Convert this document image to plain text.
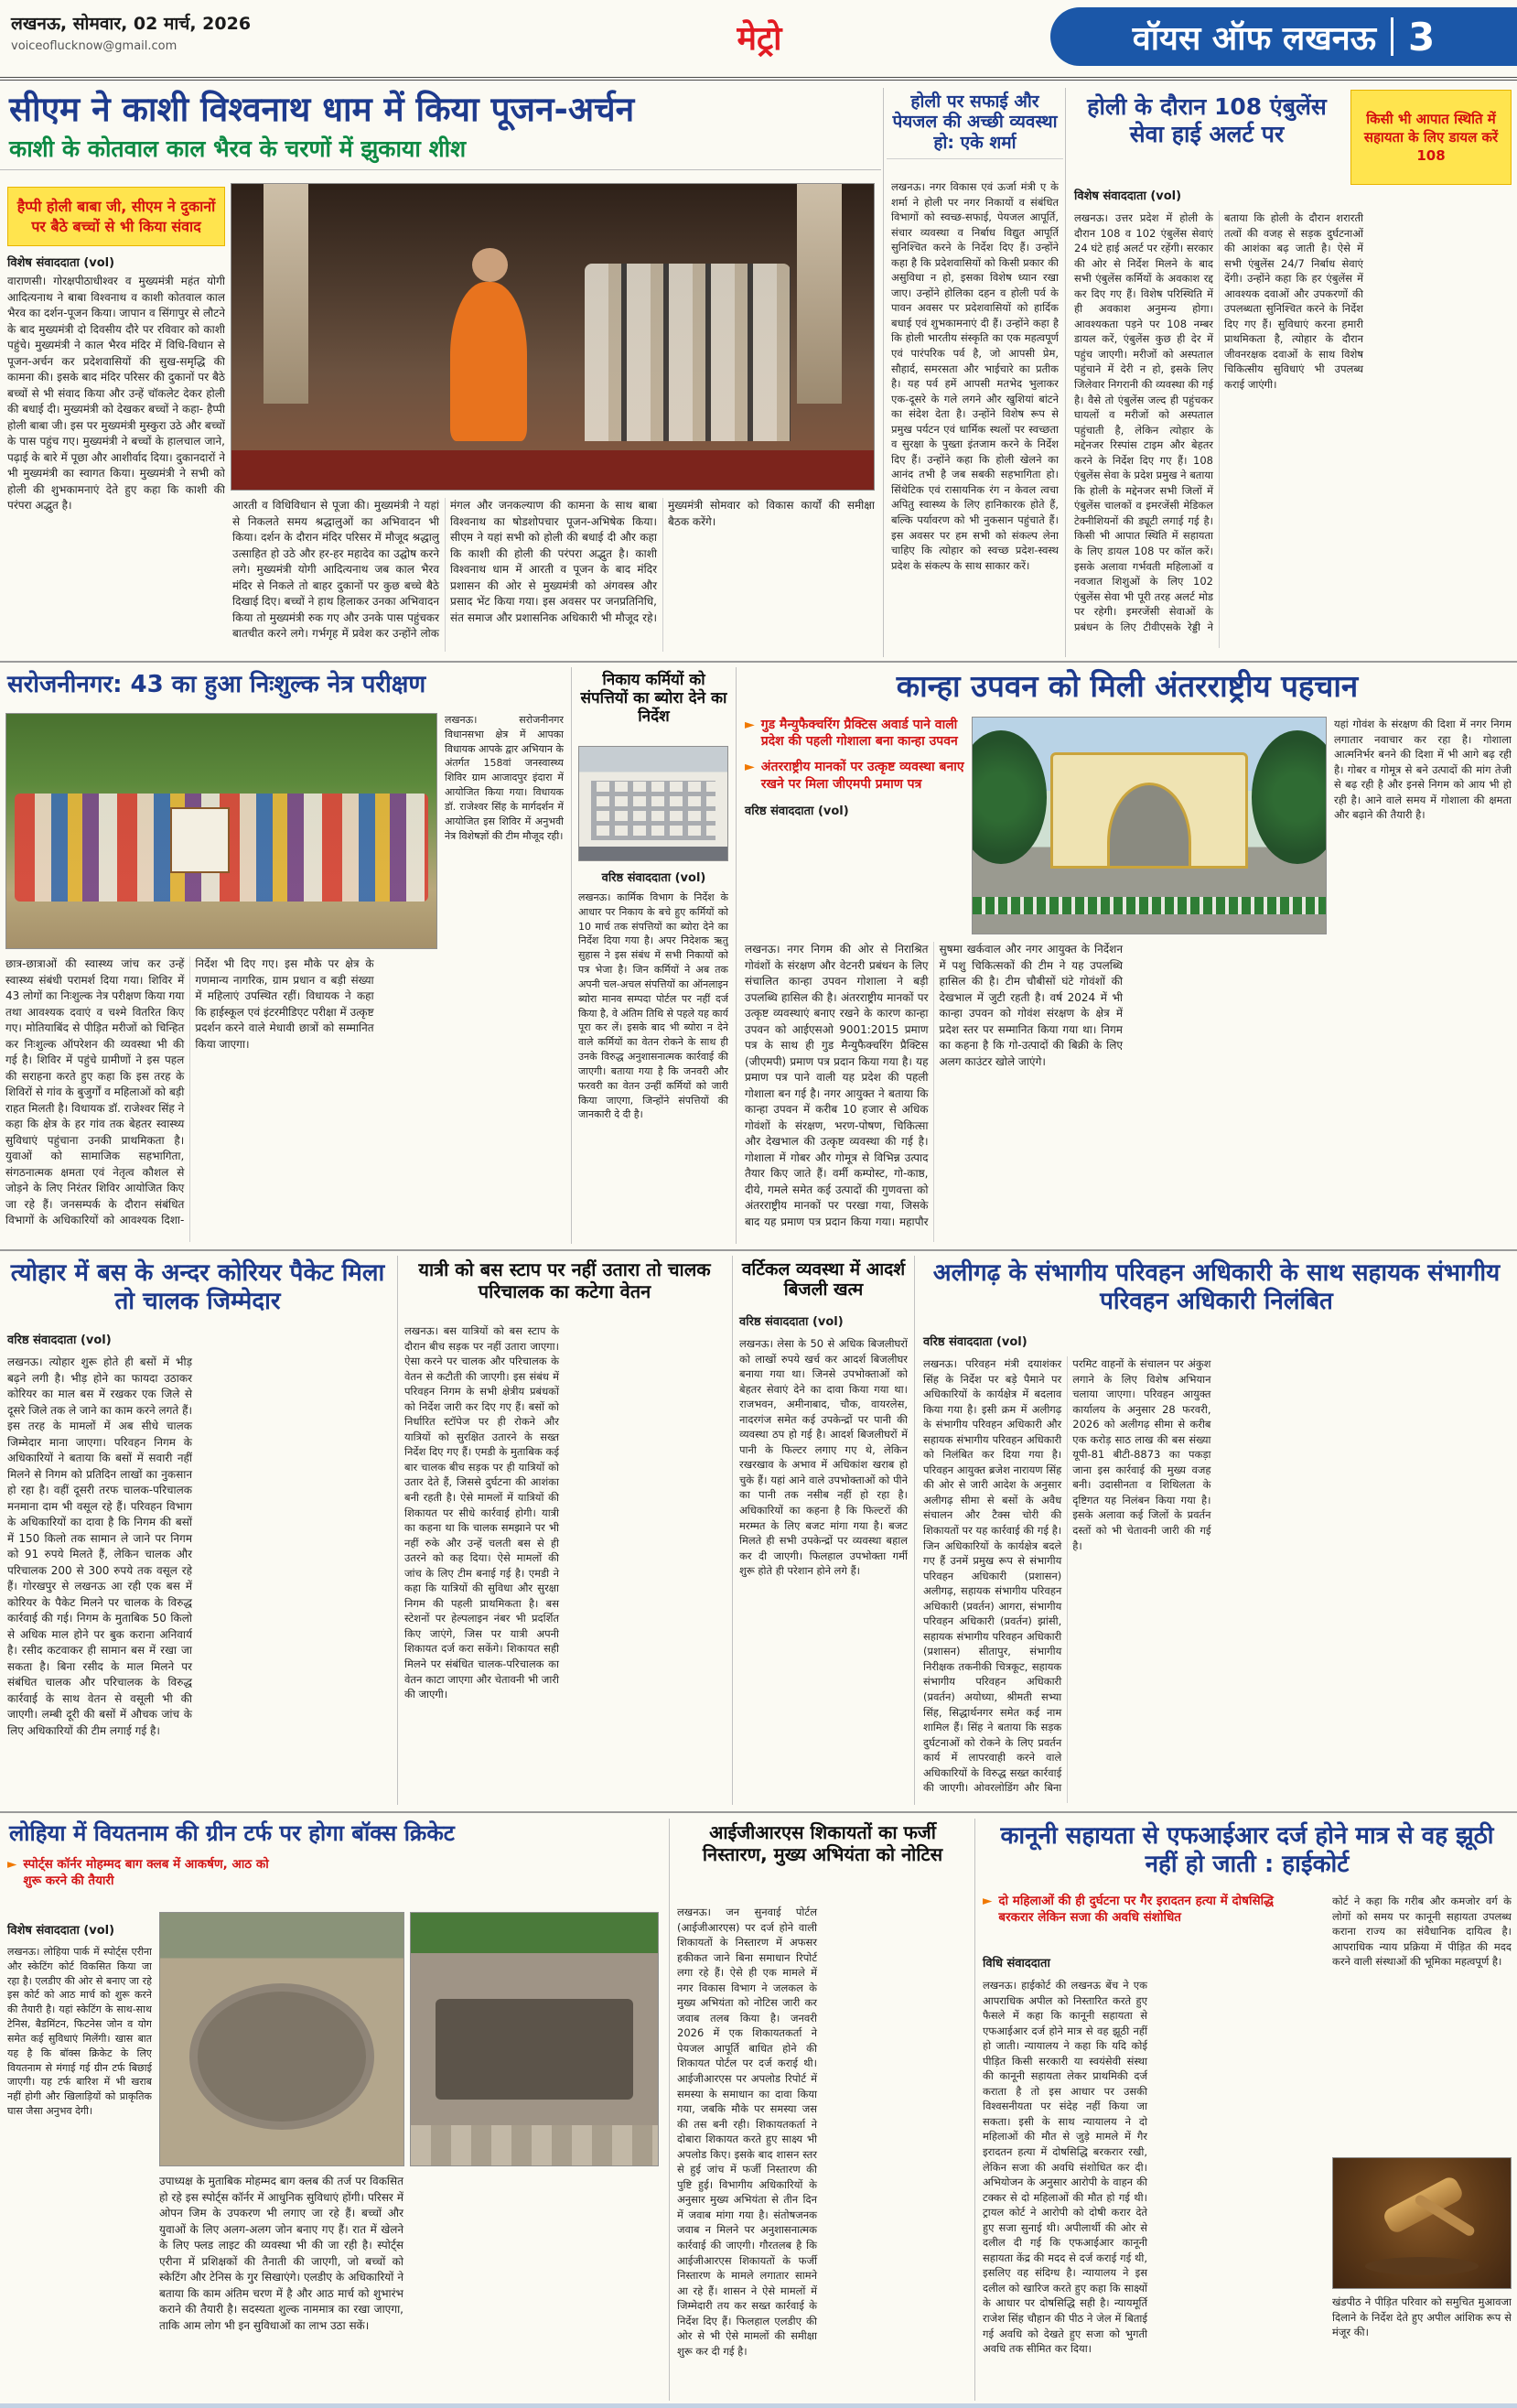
लखनऊ, सोमवार, 02 मार्च, 2026
voiceoflucknow@gmail.com	मेट्रो	वॉयस ऑफ लखनऊ 3
सीएम ने काशी विश्वनाथ धाम में किया पूजन-अर्चन
काशी के कोतवाल काल भैरव के चरणों में झुकाया शीश
हैप्पी होली बाबा जी, सीएम ने दुकानों पर बैठे बच्चों से भी किया संवाद
विशेष संवाददाता (vol)
वाराणसी। गोरक्षपीठाधीश्वर व मुख्यमंत्री महंत योगी आदित्यनाथ ने बाबा विश्वनाथ व काशी कोतवाल काल भैरव का दर्शन-पूजन किया। जापान व सिंगापुर से लौटने के बाद मुख्यमंत्री दो दिवसीय दौरे पर रविवार को काशी पहुंचे। मुख्यमंत्री ने काल भैरव मंदिर में विधि-विधान से पूजन-अर्चन कर प्रदेशवासियों की सुख-समृद्धि की कामना की। इसके बाद मंदिर परिसर की दुकानों पर बैठे बच्चों से भी संवाद किया और उन्हें चॉकलेट देकर होली की बधाई दी। मुख्यमंत्री को देखकर बच्चों ने कहा- हैप्पी होली बाबा जी। इस पर मुख्यमंत्री मुस्कुरा उठे और बच्चों के पास पहुंच गए। मुख्यमंत्री ने बच्चों के हालचाल जाने, पढ़ाई के बारे में पूछा और आशीर्वाद दिया। दुकानदारों ने भी मुख्यमंत्री का स्वागत किया। मुख्यमंत्री ने सभी को होली की शुभकामनाएं देते हुए कहा कि काशी की परंपरा अद्भुत है।	आरती व विधिविधान से पूजा की। मुख्यमंत्री ने यहां से निकलते समय श्रद्धालुओं का अभिवादन भी किया। दर्शन के दौरान मंदिर परिसर में मौजूद श्रद्धालु उत्साहित हो उठे और हर-हर महादेव का उद्घोष करने लगे। मुख्यमंत्री योगी आदित्यनाथ जब काल भैरव मंदिर से निकले तो बाहर दुकानों पर कुछ बच्चे बैठे दिखाई दिए। बच्चों ने हाथ हिलाकर उनका अभिवादन किया तो मुख्यमंत्री रुक गए और उनके पास पहुंचकर बातचीत करने लगे। गर्भगृह में प्रवेश कर उन्होंने लोक मंगल और जनकल्याण की कामना के साथ बाबा विश्वनाथ का षोडशोपचार पूजन-अभिषेक किया। सीएम ने यहां सभी को होली की बधाई दी और कहा कि काशी की होली की परंपरा अद्भुत है। काशी विश्वनाथ धाम में आरती व पूजन के बाद मंदिर प्रशासन की ओर से मुख्यमंत्री को अंगवस्त्र और प्रसाद भेंट किया गया। इस अवसर पर जनप्रतिनिधि, संत समाज और प्रशासनिक अधिकारी भी मौजूद रहे। मुख्यमंत्री सोमवार को विकास कार्यों की समीक्षा बैठक करेंगे।
होली पर सफाई और पेयजल की अच्छी व्यवस्था हो: एके शर्मा
लखनऊ। नगर विकास एवं ऊर्जा मंत्री ए के शर्मा ने होली पर नगर निकायों व संबंधित विभागों को स्वच्छ-सफाई, पेयजल आपूर्ति, संचार व्यवस्था व निर्बाध विद्युत आपूर्ति सुनिश्चित करने के निर्देश दिए हैं। उन्होंने कहा है कि प्रदेशवासियों को किसी प्रकार की असुविधा न हो, इसका विशेष ध्यान रखा जाए। उन्होंने होलिका दहन व होली पर्व के पावन अवसर पर प्रदेशवासियों को हार्दिक बधाई एवं शुभकामनाएं दी हैं। उन्होंने कहा है कि होली भारतीय संस्कृति का एक महत्वपूर्ण एवं पारंपरिक पर्व है, जो आपसी प्रेम, सौहार्द, समरसता और भाईचारे का प्रतीक है। यह पर्व हमें आपसी मतभेद भुलाकर एक-दूसरे के गले लगने और खुशियां बांटने का संदेश देता है। उन्होंने विशेष रूप से प्रमुख पर्यटन एवं धार्मिक स्थलों पर स्वच्छता व सुरक्षा के पुख्ता इंतजाम करने के निर्देश दिए हैं। उन्होंने कहा कि होली खेलने का आनंद तभी है जब सबकी सहभागिता हो। सिंथेटिक एवं रासायनिक रंग न केवल त्वचा अपितु स्वास्थ्य के लिए हानिकारक होते हैं, बल्कि पर्यावरण को भी नुकसान पहुंचाते हैं। इस अवसर पर हम सभी को संकल्प लेना चाहिए कि त्योहार को स्वच्छ प्रदेश-स्वस्थ प्रदेश के संकल्प के साथ साकार करें।
होली के दौरान 108 एंबुलेंस सेवा हाई अलर्ट पर
किसी भी आपात स्थिति में सहायता के लिए डायल करें 108
विशेष संवाददाता (vol)
लखनऊ। उत्तर प्रदेश में होली के दौरान 108 व 102 एंबुलेंस सेवाएं 24 घंटे हाई अलर्ट पर रहेंगी। सरकार की ओर से निर्देश मिलने के बाद सभी एंबुलेंस कर्मियों के अवकाश रद्द कर दिए गए हैं। विशेष परिस्थिति में ही अवकाश अनुमन्य होगा। आवश्यकता पड़ने पर 108 नम्बर डायल करें, एंबुलेंस कुछ ही देर में पहुंच जाएगी। मरीजों को अस्पताल पहुंचाने में देरी न हो, इसके लिए जिलेवार निगरानी की व्यवस्था की गई है। वैसे तो एंबुलेंस जल्द ही पहुंचकर घायलों व मरीजों को अस्पताल पहुंचाती है, लेकिन त्योहार के मद्देनजर रिस्पांस टाइम और बेहतर करने के निर्देश दिए गए हैं। 108 एंबुलेंस सेवा के प्रदेश प्रमुख ने बताया कि होली के मद्देनजर सभी जिलों में एंबुलेंस चालकों व इमरजेंसी मेडिकल टेक्नीशियनों की ड्यूटी लगाई गई है। किसी भी आपात स्थिति में सहायता के लिए डायल 108 पर कॉल करें। इसके अलावा गर्भवती महिलाओं व नवजात शिशुओं के लिए 102 एंबुलेंस सेवा भी पूरी तरह अलर्ट मोड पर रहेगी। इमरजेंसी सेवाओं के प्रबंधन के लिए टीवीएसके रेड्डी ने बताया कि होली के दौरान शरारती तत्वों की वजह से सड़क दुर्घटनाओं की आशंका बढ़ जाती है। ऐसे में सभी एंबुलेंस 24/7 निर्बाध सेवाएं देंगी। उन्होंने कहा कि हर एंबुलेंस में आवश्यक दवाओं और उपकरणों की उपलब्धता सुनिश्चित करने के निर्देश दिए गए हैं। सुविधाएं करना हमारी प्राथमिकता है, त्योहार के दौरान जीवनरक्षक दवाओं के साथ विशेष चिकित्सीय सुविधाएं भी उपलब्ध कराई जाएंगी।
सरोजनीनगर: 43 का हुआ निःशुल्क नेत्र परीक्षण
लखनऊ। सरोजनीनगर विधानसभा क्षेत्र में आपका विधायक आपके द्वार अभियान के अंतर्गत 158वां जनस्वास्थ्य शिविर ग्राम आजादपुर इंदारा में आयोजित किया गया। विधायक डॉ. राजेश्वर सिंह के मार्गदर्शन में आयोजित इस शिविर में अनुभवी नेत्र विशेषज्ञों की टीम मौजूद रही।
छात्र-छात्राओं की स्वास्थ्य जांच कर उन्हें स्वास्थ्य संबंधी परामर्श दिया गया। शिविर में 43 लोगों का निःशुल्क नेत्र परीक्षण किया गया तथा आवश्यक दवाएं व चश्मे वितरित किए गए। मोतियाबिंद से पीड़ित मरीजों को चिन्हित कर निःशुल्क ऑपरेशन की व्यवस्था भी की गई है। शिविर में पहुंचे ग्रामीणों ने इस पहल की सराहना करते हुए कहा कि इस तरह के शिविरों से गांव के बुजुर्गों व महिलाओं को बड़ी राहत मिलती है। विधायक डॉ. राजेश्वर सिंह ने कहा कि क्षेत्र के हर गांव तक बेहतर स्वास्थ्य सुविधाएं पहुंचाना उनकी प्राथमिकता है। युवाओं को सामाजिक सहभागिता, संगठनात्मक क्षमता एवं नेतृत्व कौशल से जोड़ने के लिए निरंतर शिविर आयोजित किए जा रहे हैं। जनसम्पर्क के दौरान संबंधित विभागों के अधिकारियों को आवश्यक दिशा-निर्देश भी दिए गए। इस मौके पर क्षेत्र के गणमान्य नागरिक, ग्राम प्रधान व बड़ी संख्या में महिलाएं उपस्थित रहीं। विधायक ने कहा कि हाईस्कूल एवं इंटरमीडिएट परीक्षा में उत्कृष्ट प्रदर्शन करने वाले मेधावी छात्रों को सम्मानित किया जाएगा।
निकाय कर्मियों को संपत्तियों का ब्योरा देने का निर्देश
वरिष्ठ संवाददाता (vol)
लखनऊ। कार्मिक विभाग के निर्देश के आधार पर निकाय के बचे हुए कर्मियों को 10 मार्च तक संपत्तियों का ब्योरा देने का निर्देश दिया गया है। अपर निदेशक ऋतु सुहास ने इस संबंध में सभी निकायों को पत्र भेजा है। जिन कर्मियों ने अब तक अपनी चल-अचल संपत्तियों का ऑनलाइन ब्योरा मानव सम्पदा पोर्टल पर नहीं दर्ज किया है, वे अंतिम तिथि से पहले यह कार्य पूरा कर लें। इसके बाद भी ब्योरा न देने वाले कर्मियों का वेतन रोकने के साथ ही उनके विरुद्ध अनुशासनात्मक कार्रवाई की जाएगी। बताया गया है कि जनवरी और फरवरी का वेतन उन्हीं कर्मियों को जारी किया जाएगा, जिन्होंने संपत्तियों की जानकारी दे दी है।
कान्हा उपवन को मिली अंतरराष्ट्रीय पहचान
► गुड मैन्युफैक्चरिंग प्रैक्टिस अवार्ड पाने वाली प्रदेश की पहली गोशाला बना कान्हा उपवन
► अंतरराष्ट्रीय मानकों पर उत्कृष्ट व्यवस्था बनाए रखने पर मिला जीएमपी प्रमाण पत्र
वरिष्ठ संवाददाता (vol)
यहां गोवंश के संरक्षण की दिशा में नगर निगम लगातार नवाचार कर रहा है। गोशाला आत्मनिर्भर बनने की दिशा में भी आगे बढ़ रही है। गोबर व गोमूत्र से बने उत्पादों की मांग तेजी से बढ़ रही है और इनसे निगम को आय भी हो रही है। आने वाले समय में गोशाला की क्षमता और बढ़ाने की तैयारी है।
लखनऊ। नगर निगम की ओर से निराश्रित गोवंशों के संरक्षण और वेटनरी प्रबंधन के लिए संचालित कान्हा उपवन गोशाला ने बड़ी उपलब्धि हासिल की है। अंतरराष्ट्रीय मानकों पर उत्कृष्ट व्यवस्थाएं बनाए रखने के कारण कान्हा उपवन को आईएसओ 9001:2015 प्रमाण पत्र के साथ ही गुड मैन्युफैक्चरिंग प्रैक्टिस (जीएमपी) प्रमाण पत्र प्रदान किया गया है। यह प्रमाण पत्र पाने वाली यह प्रदेश की पहली गोशाला बन गई है। नगर आयुक्त ने बताया कि कान्हा उपवन में करीब 10 हजार से अधिक गोवंशों के संरक्षण, भरण-पोषण, चिकित्सा और देखभाल की उत्कृष्ट व्यवस्था की गई है। गोशाला में गोबर और गोमूत्र से विभिन्न उत्पाद तैयार किए जाते हैं। वर्मी कम्पोस्ट, गो-काष्ठ, दीये, गमले समेत कई उत्पादों की गुणवत्ता को अंतरराष्ट्रीय मानकों पर परखा गया, जिसके बाद यह प्रमाण पत्र प्रदान किया गया। महापौर सुषमा खर्कवाल और नगर आयुक्त के निर्देशन में पशु चिकित्सकों की टीम ने यह उपलब्धि हासिल की है। टीम चौबीसों घंटे गोवंशों की देखभाल में जुटी रहती है। वर्ष 2024 में भी कान्हा उपवन को गोवंश संरक्षण के क्षेत्र में प्रदेश स्तर पर सम्मानित किया गया था। निगम का कहना है कि गो-उत्पादों की बिक्री के लिए अलग काउंटर खोले जाएंगे।
त्योहार में बस के अन्दर कोरियर पैकेट मिला तो चालक जिम्मेदार
वरिष्ठ संवाददाता (vol)
लखनऊ। त्योहार शुरू होते ही बसों में भीड़ बढ़ने लगी है। भीड़ होने का फायदा उठाकर कोरियर का माल बस में रखकर एक जिले से दूसरे जिले तक ले जाने का काम करने लगते हैं। इस तरह के मामलों में अब सीधे चालक जिम्मेदार माना जाएगा। परिवहन निगम के अधिकारियों ने बताया कि बसों में सवारी नहीं मिलने से निगम को प्रतिदिन लाखों का नुकसान हो रहा है। वहीं दूसरी तरफ चालक-परिचालक मनमाना दाम भी वसूल रहे हैं। परिवहन विभाग के अधिकारियों का दावा है कि निगम की बसों में 150 किलो तक सामान ले जाने पर निगम को 91 रुपये मिलते हैं, लेकिन चालक और परिचालक 200 से 300 रुपये तक वसूल रहे हैं। गोरखपुर से लखनऊ आ रही एक बस में कोरियर के पैकेट मिलने पर चालक के विरुद्ध कार्रवाई की गई। निगम के मुताबिक 50 किलो से अधिक माल होने पर बुक कराना अनिवार्य है। रसीद कटवाकर ही सामान बस में रखा जा सकता है। बिना रसीद के माल मिलने पर संबंधित चालक और परिचालक के विरुद्ध कार्रवाई के साथ वेतन से वसूली भी की जाएगी। लम्बी दूरी की बसों में औचक जांच के लिए अधिकारियों की टीम लगाई गई है।
यात्री को बस स्टाप पर नहीं उतारा तो चालक परिचालक का कटेगा वेतन
लखनऊ। बस यात्रियों को बस स्टाप के दौरान बीच सड़क पर नहीं उतारा जाएगा। ऐसा करने पर चालक और परिचालक के वेतन से कटौती की जाएगी। इस संबंध में परिवहन निगम के सभी क्षेत्रीय प्रबंधकों को निर्देश जारी कर दिए गए हैं। बसों को निर्धारित स्टॉपेज पर ही रोकने और यात्रियों को सुरक्षित उतारने के सख्त निर्देश दिए गए हैं। एमडी के मुताबिक कई बार चालक बीच सड़क पर ही यात्रियों को उतार देते हैं, जिससे दुर्घटना की आशंका बनी रहती है। ऐसे मामलों में यात्रियों की शिकायत पर सीधे कार्रवाई होगी। यात्री का कहना था कि चालक समझाने पर भी नहीं रुके और उन्हें चलती बस से ही उतरने को कह दिया। ऐसे मामलों की जांच के लिए टीम बनाई गई है। एमडी ने कहा कि यात्रियों की सुविधा और सुरक्षा निगम की पहली प्राथमिकता है। बस स्टेशनों पर हेल्पलाइन नंबर भी प्रदर्शित किए जाएंगे, जिस पर यात्री अपनी शिकायत दर्ज करा सकेंगे। शिकायत सही मिलने पर संबंधित चालक-परिचालक का वेतन काटा जाएगा और चेतावनी भी जारी की जाएगी।
वर्टिकल व्यवस्था में आदर्श बिजली खत्म
वरिष्ठ संवाददाता (vol)
लखनऊ। लेसा के 50 से अधिक बिजलीघरों को लाखों रुपये खर्च कर आदर्श बिजलीघर बनाया गया था। जिनसे उपभोक्ताओं को बेहतर सेवाएं देने का दावा किया गया था। राजभवन, अमीनाबाद, चौक, वायरलेस, नादरगंज समेत कई उपकेन्द्रों पर पानी की व्यवस्था ठप हो गई है। आदर्श बिजलीघरों में पानी के फिल्टर लगाए गए थे, लेकिन रखरखाव के अभाव में अधिकांश खराब हो चुके हैं। यहां आने वाले उपभोक्ताओं को पीने का पानी तक नसीब नहीं हो रहा है। अधिकारियों का कहना है कि फिल्टरों की मरम्मत के लिए बजट मांगा गया है। बजट मिलते ही सभी उपकेन्द्रों पर व्यवस्था बहाल कर दी जाएगी। फिलहाल उपभोक्ता गर्मी शुरू होते ही परेशान होने लगे हैं।
अलीगढ़ के संभागीय परिवहन अधिकारी के साथ सहायक संभागीय परिवहन अधिकारी निलंबित
वरिष्ठ संवाददाता (vol)
लखनऊ। परिवहन मंत्री दयाशंकर सिंह के निर्देश पर बड़े पैमाने पर अधिकारियों के कार्यक्षेत्र में बदलाव किया गया है। इसी क्रम में अलीगढ़ के संभागीय परिवहन अधिकारी और सहायक संभागीय परिवहन अधिकारी को निलंबित कर दिया गया है। परिवहन आयुक्त ब्रजेश नारायण सिंह की ओर से जारी आदेश के अनुसार अलीगढ़ सीमा से बसों के अवैध संचालन और टैक्स चोरी की शिकायतों पर यह कार्रवाई की गई है। जिन अधिकारियों के कार्यक्षेत्र बदले गए हैं उनमें प्रमुख रूप से संभागीय परिवहन अधिकारी (प्रशासन) अलीगढ़, सहायक संभागीय परिवहन अधिकारी (प्रवर्तन) आगरा, संभागीय परिवहन अधिकारी (प्रवर्तन) झांसी, सहायक संभागीय परिवहन अधिकारी (प्रशासन) सीतापुर, संभागीय निरीक्षक तकनीकी चित्रकूट, सहायक संभागीय परिवहन अधिकारी (प्रवर्तन) अयोध्या, श्रीमती सभ्या सिंह, सिद्धार्थनगर समेत कई नाम शामिल हैं। सिंह ने बताया कि सड़क दुर्घटनाओं को रोकने के लिए प्रवर्तन कार्य में लापरवाही करने वाले अधिकारियों के विरुद्ध सख्त कार्रवाई की जाएगी। ओवरलोडिंग और बिना परमिट वाहनों के संचालन पर अंकुश लगाने के लिए विशेष अभियान चलाया जाएगा। परिवहन आयुक्त कार्यालय के अनुसार 28 फरवरी, 2026 को अलीगढ़ सीमा से करीब एक करोड़ साठ लाख की बस संख्या यूपी-81 बीटी-8873 का पकड़ा जाना इस कार्रवाई की मुख्य वजह बनी। उदासीनता व शिथिलता के दृष्टिगत यह निलंबन किया गया है। इसके अलावा कई जिलों के प्रवर्तन दस्तों को भी चेतावनी जारी की गई है।
लोहिया में वियतनाम की ग्रीन टर्फ पर होगा बॉक्स क्रिकेट
► स्पोर्ट्स कॉर्नर मोहम्मद बाग क्लब में आकर्षण, आठ को शुरू करने की तैयारी
विशेष संवाददाता (vol)
लखनऊ। लोहिया पार्क में स्पोर्ट्स एरीना और स्केटिंग कोर्ट विकसित किया जा रहा है। एलडीए की ओर से बनाए जा रहे इस कोर्ट को आठ मार्च को शुरू करने की तैयारी है। यहां स्केटिंग के साथ-साथ टेनिस, बैडमिंटन, फिटनेस जोन व योग समेत कई सुविधाएं मिलेंगी। खास बात यह है कि बॉक्स क्रिकेट के लिए वियतनाम से मंगाई गई ग्रीन टर्फ बिछाई जाएगी। यह टर्फ बारिश में भी खराब नहीं होगी और खिलाड़ियों को प्राकृतिक घास जैसा अनुभव देगी।
उपाध्यक्ष के मुताबिक मोहम्मद बाग क्लब की तर्ज पर विकसित हो रहे इस स्पोर्ट्स कॉर्नर में आधुनिक सुविधाएं होंगी। परिसर में ओपन जिम के उपकरण भी लगाए जा रहे हैं। बच्चों और युवाओं के लिए अलग-अलग जोन बनाए गए हैं। रात में खेलने के लिए फ्लड लाइट की व्यवस्था भी की जा रही है। स्पोर्ट्स एरीना में प्रशिक्षकों की तैनाती की जाएगी, जो बच्चों को स्केटिंग और टेनिस के गुर सिखाएंगे। एलडीए के अधिकारियों ने बताया कि काम अंतिम चरण में है और आठ मार्च को शुभारंभ कराने की तैयारी है। सदस्यता शुल्क नाममात्र का रखा जाएगा, ताकि आम लोग भी इन सुविधाओं का लाभ उठा सकें।
आईजीआरएस शिकायतों का फर्जी निस्तारण, मुख्य अभियंता को नोटिस
लखनऊ। जन सुनवाई पोर्टल (आईजीआरएस) पर दर्ज होने वाली शिकायतों के निस्तारण में अफसर हकीकत जाने बिना समाधान रिपोर्ट लगा रहे हैं। ऐसे ही एक मामले में नगर विकास विभाग ने जलकल के मुख्य अभियंता को नोटिस जारी कर जवाब तलब किया है। जनवरी 2026 में एक शिकायतकर्ता ने पेयजल आपूर्ति बाधित होने की शिकायत पोर्टल पर दर्ज कराई थी। आईजीआरएस पर अपलोड रिपोर्ट में समस्या के समाधान का दावा किया गया, जबकि मौके पर समस्या जस की तस बनी रही। शिकायतकर्ता ने दोबारा शिकायत करते हुए साक्ष्य भी अपलोड किए। इसके बाद शासन स्तर से हुई जांच में फर्जी निस्तारण की पुष्टि हुई। विभागीय अधिकारियों के अनुसार मुख्य अभियंता से तीन दिन में जवाब मांगा गया है। संतोषजनक जवाब न मिलने पर अनुशासनात्मक कार्रवाई की जाएगी। गौरतलब है कि आईजीआरएस शिकायतों के फर्जी निस्तारण के मामले लगातार सामने आ रहे हैं। शासन ने ऐसे मामलों में जिम्मेदारी तय कर सख्त कार्रवाई के निर्देश दिए हैं। फिलहाल एलडीए की ओर से भी ऐसे मामलों की समीक्षा शुरू कर दी गई है।
कानूनी सहायता से एफआईआर दर्ज होने मात्र से वह झूठी नहीं हो जाती : हाईकोर्ट
► दो महिलाओं की ही दुर्घटना पर गैर इरादतन हत्या में दोषसिद्धि बरकरार लेकिन सजा की अवधि संशोधित
विधि संवाददाता
लखनऊ। हाईकोर्ट की लखनऊ बेंच ने एक आपराधिक अपील को निस्तारित करते हुए फैसले में कहा कि कानूनी सहायता से एफआईआर दर्ज होने मात्र से वह झूठी नहीं हो जाती। न्यायालय ने कहा कि यदि कोई पीड़ित किसी सरकारी या स्वयंसेवी संस्था की कानूनी सहायता लेकर प्राथमिकी दर्ज कराता है तो इस आधार पर उसकी विश्वसनीयता पर संदेह नहीं किया जा सकता। इसी के साथ न्यायालय ने दो महिलाओं की मौत से जुड़े मामले में गैर इरादतन हत्या में दोषसिद्धि बरकरार रखी, लेकिन सजा की अवधि संशोधित कर दी। अभियोजन के अनुसार आरोपी के वाहन की टक्कर से दो महिलाओं की मौत हो गई थी। ट्रायल कोर्ट ने आरोपी को दोषी करार देते हुए सजा सुनाई थी। अपीलार्थी की ओर से दलील दी गई कि एफआईआर कानूनी सहायता केंद्र की मदद से दर्ज कराई गई थी, इसलिए वह संदिग्ध है। न्यायालय ने इस दलील को खारिज करते हुए कहा कि साक्ष्यों के आधार पर दोषसिद्धि सही है। न्यायमूर्ति राजेश सिंह चौहान की पीठ ने जेल में बिताई गई अवधि को देखते हुए सजा को भुगती अवधि तक सीमित कर दिया।
कोर्ट ने कहा कि गरीब और कमजोर वर्ग के लोगों को समय पर कानूनी सहायता उपलब्ध कराना राज्य का संवैधानिक दायित्व है। आपराधिक न्याय प्रक्रिया में पीड़ित की मदद करने वाली संस्थाओं की भूमिका महत्वपूर्ण है।
खंडपीठ ने पीड़ित परिवार को समुचित मुआवजा दिलाने के निर्देश देते हुए अपील आंशिक रूप से मंजूर की।
